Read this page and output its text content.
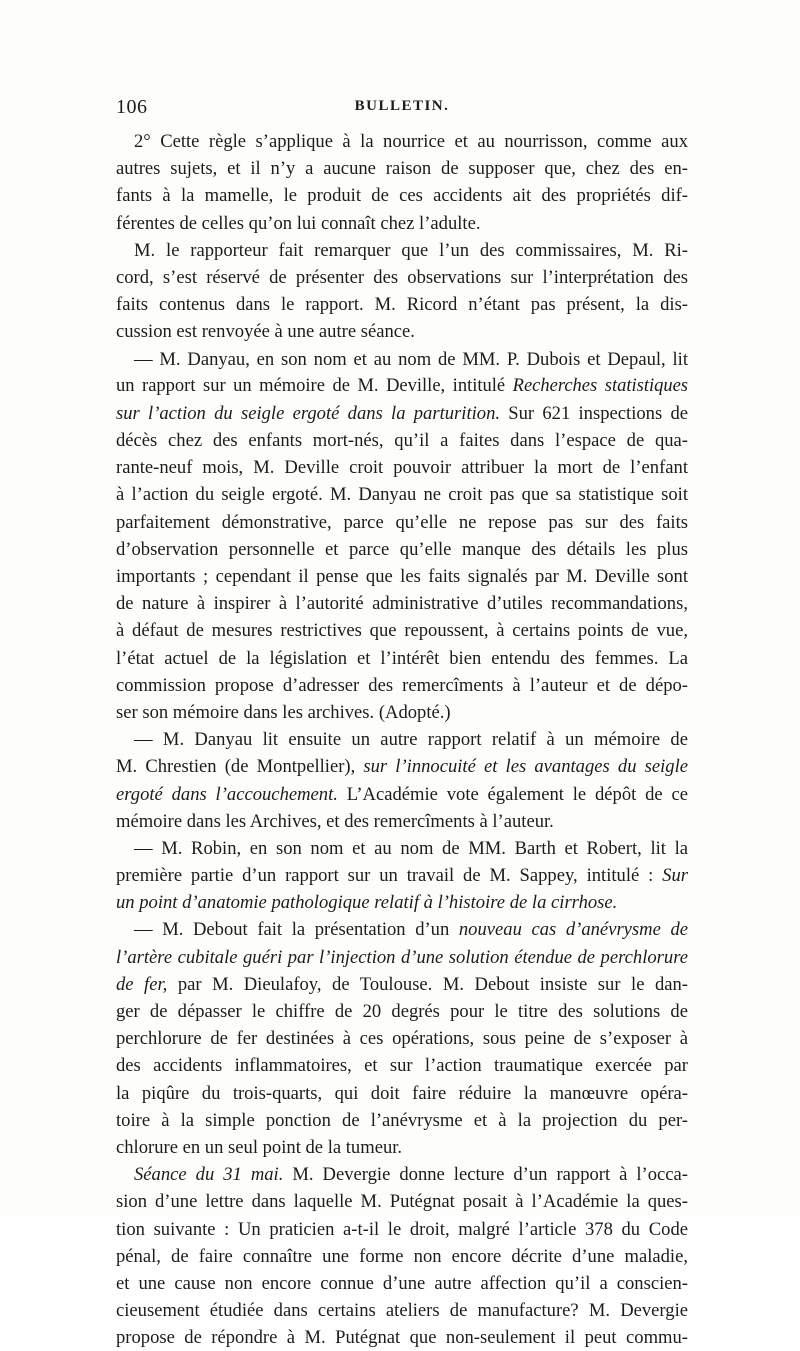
106	BULLETIN.
2° Cette règle s’applique à la nourrice et au nourrisson, comme aux
autres sujets, et il n’y a aucune raison de supposer que, chez des en-
fants à la mamelle, le produit de ces accidents ait des propriétés dif-
férentes de celles qu’on lui connaît chez l’adulte.
M. le rapporteur fait remarquer que l’un des commissaires, M. Ri-
cord, s’est réservé de présenter des observations sur l’interprétation des
faits contenus dans le rapport. M. Ricord n’étant pas présent, la dis-
cussion est renvoyée à une autre séance.
— M. Danyau, en son nom et au nom de MM. P. Dubois et Depaul, lit
un rapport sur un mémoire de M. Deville, intitulé Recherches statistiques
sur l’action du seigle ergoté dans la parturition. Sur 621 inspections de
décès chez des enfants mort-nés, qu’il a faites dans l’espace de qua-
rante-neuf mois, M. Deville croit pouvoir attribuer la mort de l’enfant
à l’action du seigle ergoté. M. Danyau ne croit pas que sa statistique soit
parfaitement démonstrative, parce qu’elle ne repose pas sur des faits
d’observation personnelle et parce qu’elle manque des détails les plus
importants ; cependant il pense que les faits signalés par M. Deville sont
de nature à inspirer à l’autorité administrative d’utiles recommandations,
à défaut de mesures restrictives que repoussent, à certains points de vue,
l’état actuel de la législation et l’intérêt bien entendu des femmes. La
commission propose d’adresser des remercîments à l’auteur et de dépo-
ser son mémoire dans les archives. (Adopté.)
— M. Danyau lit ensuite un autre rapport relatif à un mémoire de
M. Chrestien (de Montpellier), sur l’innocuité et les avantages du seigle
ergoté dans l’accouchement. L’Académie vote également le dépôt de ce
mémoire dans les Archives, et des remercîments à l’auteur.
— M. Robin, en son nom et au nom de MM. Barth et Robert, lit la
première partie d’un rapport sur un travail de M. Sappey, intitulé : Sur
un point d’anatomie pathologique relatif à l’histoire de la cirrhose.
— M. Debout fait la présentation d’un nouveau cas d’anévrysme de
l’artère cubitale guéri par l’injection d’une solution étendue de perchlorure
de fer, par M. Dieulafoy, de Toulouse. M. Debout insiste sur le dan-
ger de dépasser le chiffre de 20 degrés pour le titre des solutions de
perchlorure de fer destinées à ces opérations, sous peine de s’exposer à
des accidents inflammatoires, et sur l’action traumatique exercée par
la piqûre du trois-quarts, qui doit faire réduire la manœuvre opéra-
toire à la simple ponction de l’anévrysme et à la projection du per-
chlorure en un seul point de la tumeur.
Séance du 31 mai. M. Devergie donne lecture d’un rapport à l’occa-
sion d’une lettre dans laquelle M. Putégnat posait à l’Académie la ques-
tion suivante : Un praticien a-t-il le droit, malgré l’article 378 du Code
pénal, de faire connaître une forme non encore décrite d’une maladie,
et une cause non encore connue d’une autre affection qu’il a conscien-
cieusement étudiée dans certains ateliers de manufacture? M. Devergie
propose de répondre à M. Putégnat que non-seulement il peut commu-
